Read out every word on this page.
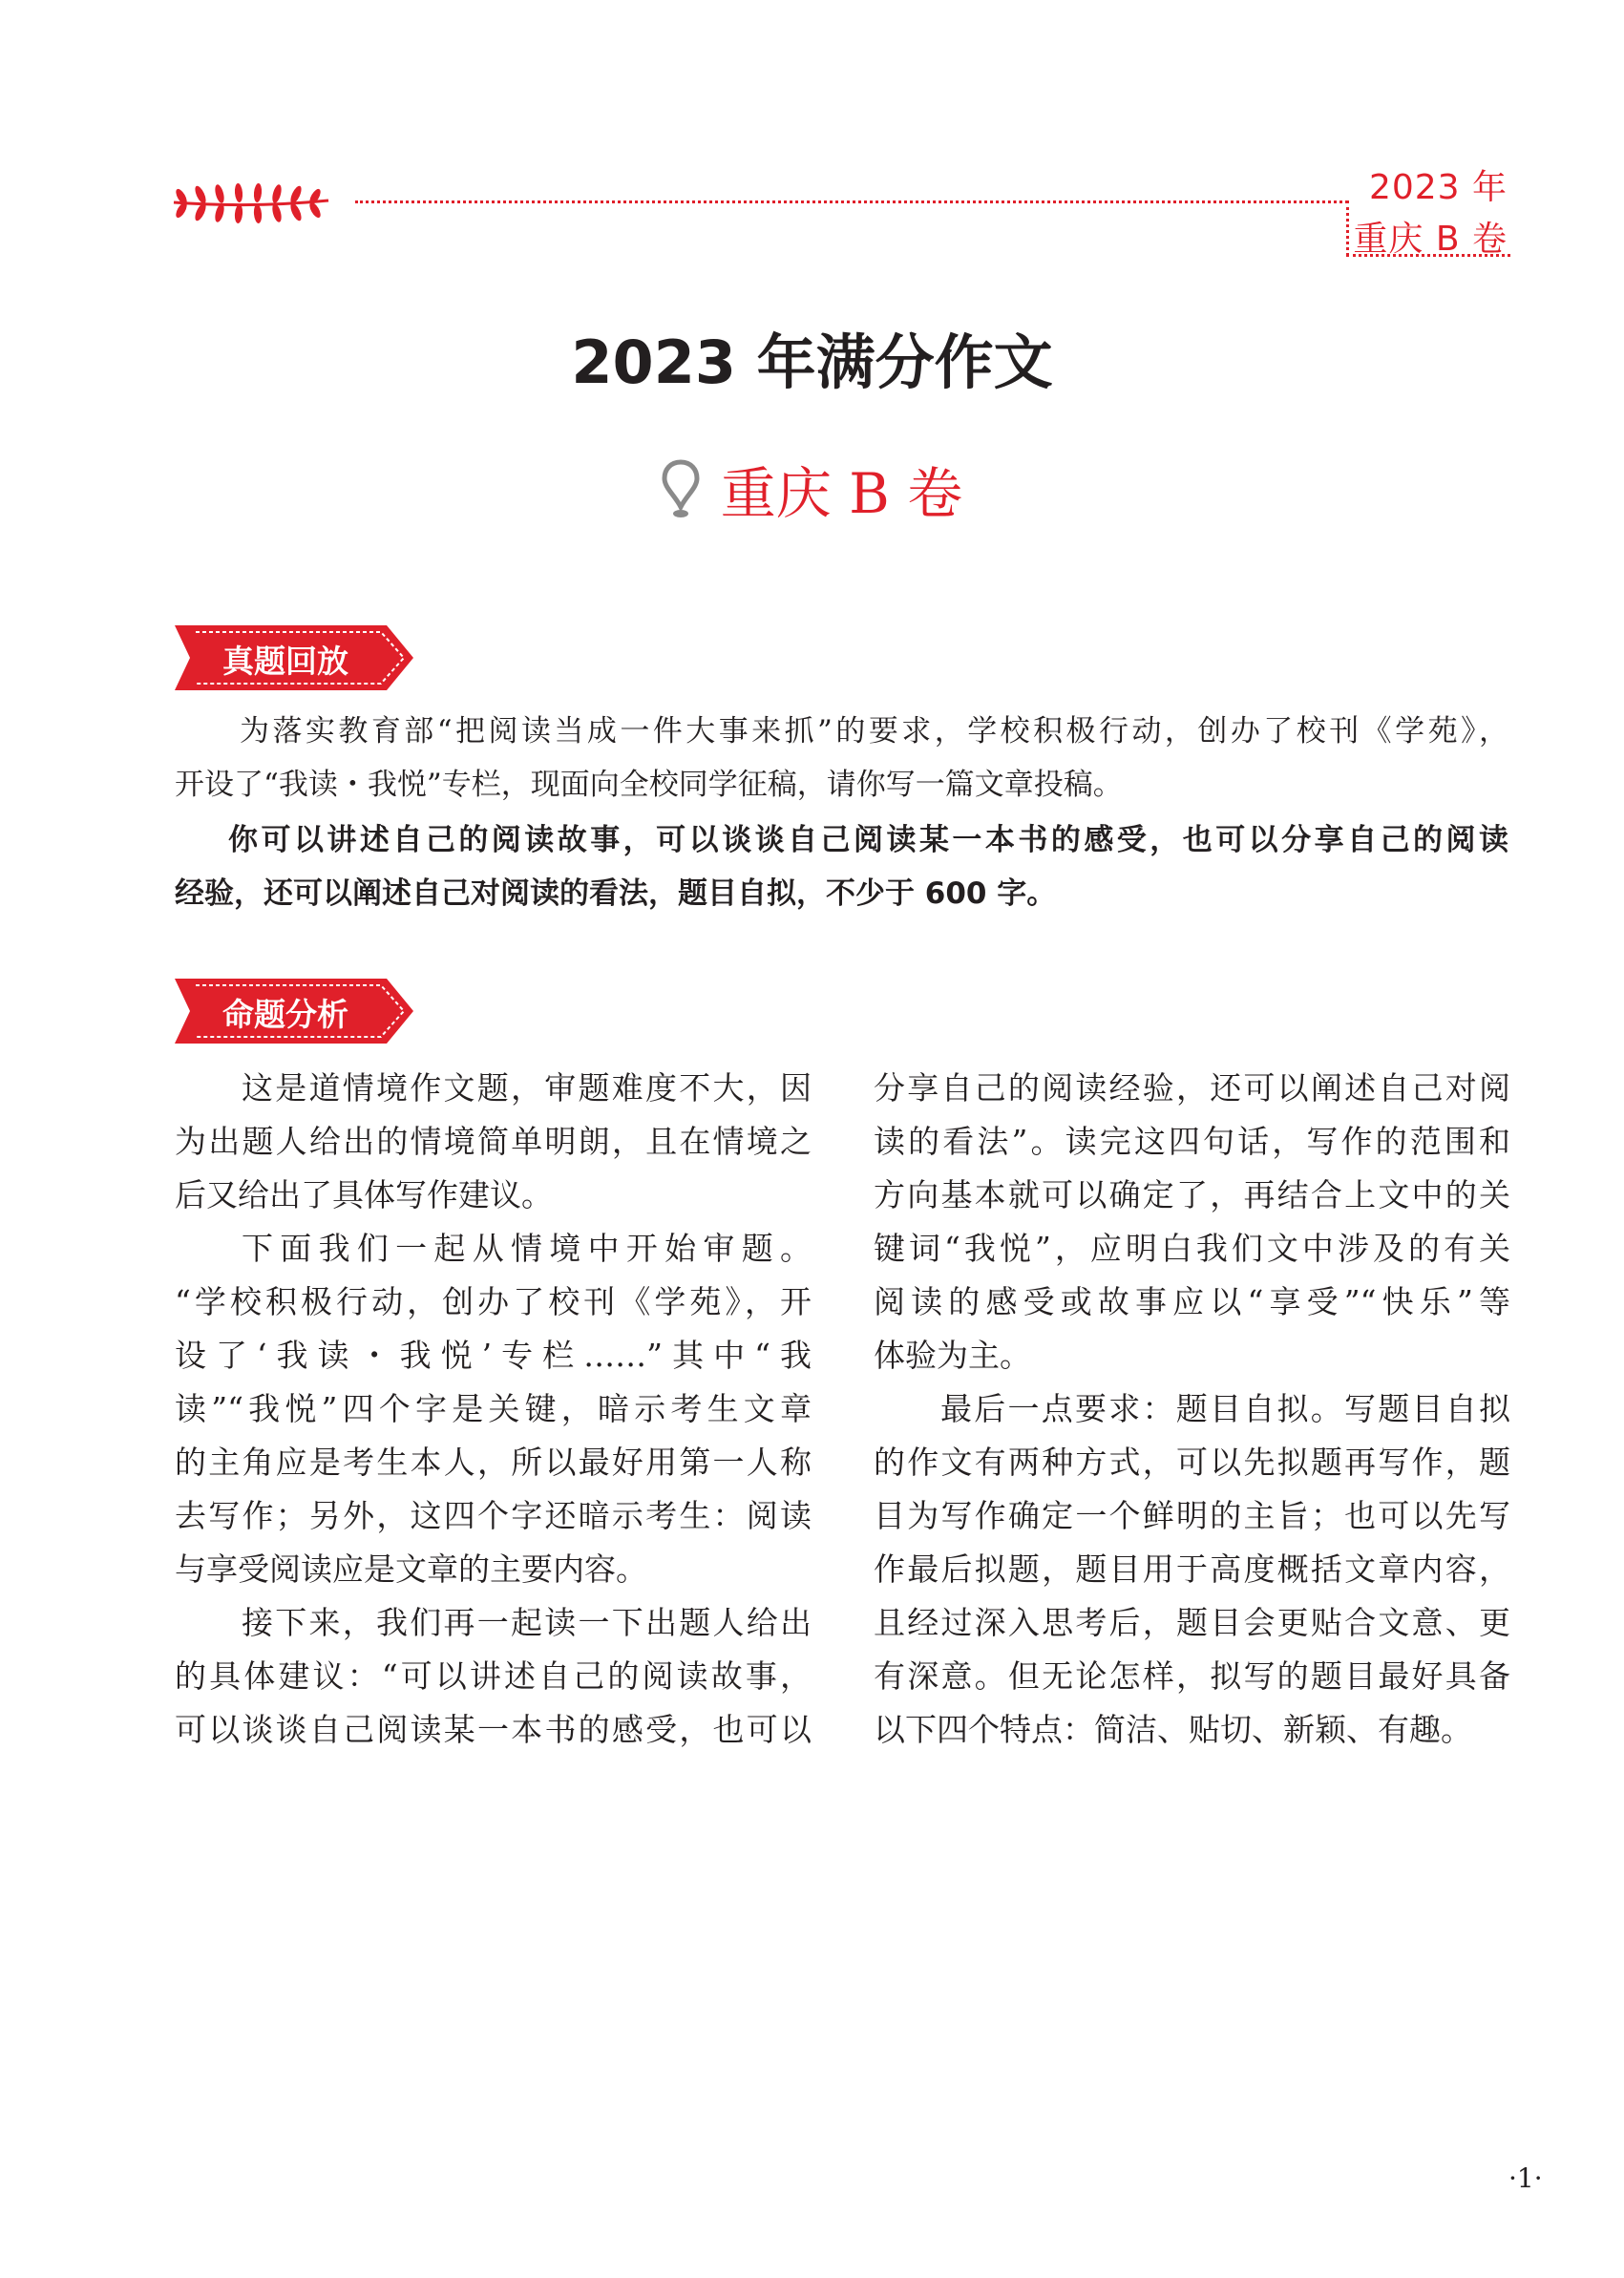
2023 年
重庆 B 卷
2023 年满分作文
重庆 B 卷
真题回放
为落实教育部“把阅读当成一件大事来抓”的要求，学校积极行动，创办了校刊《学苑》，
开设了“我读・我悦”专栏，现面向全校同学征稿，请你写一篇文章投稿。
你可以讲述自己的阅读故事，可以谈谈自己阅读某一本书的感受，也可以分享自己的阅读
经验，还可以阐述自己对阅读的看法，题目自拟，不少于 600 字。
命题分析
这是道情境作文题，审题难度不大，因
为出题人给出的情境简单明朗，且在情境之
后又给出了具体写作建议。
下面我们一起从情境中开始审题。
“学校积极行动，创办了校刊《学苑》，开
设了‘我读・我悦’专栏……”其中“我
读”“我悦”四个字是关键，暗示考生文章
的主角应是考生本人，所以最好用第一人称
去写作；另外，这四个字还暗示考生：阅读
与享受阅读应是文章的主要内容。
接下来，我们再一起读一下出题人给出
的具体建议：“可以讲述自己的阅读故事，
可以谈谈自己阅读某一本书的感受，也可以
分享自己的阅读经验，还可以阐述自己对阅
读的看法”。读完这四句话，写作的范围和
方向基本就可以确定了，再结合上文中的关
键词“我悦”，应明白我们文中涉及的有关
阅读的感受或故事应以“享受”“快乐”等
体验为主。
最后一点要求：题目自拟。写题目自拟
的作文有两种方式，可以先拟题再写作，题
目为写作确定一个鲜明的主旨；也可以先写
作最后拟题，题目用于高度概括文章内容，
且经过深入思考后，题目会更贴合文意、更
有深意。但无论怎样，拟写的题目最好具备
以下四个特点：简洁、贴切、新颖、有趣。
·1·
